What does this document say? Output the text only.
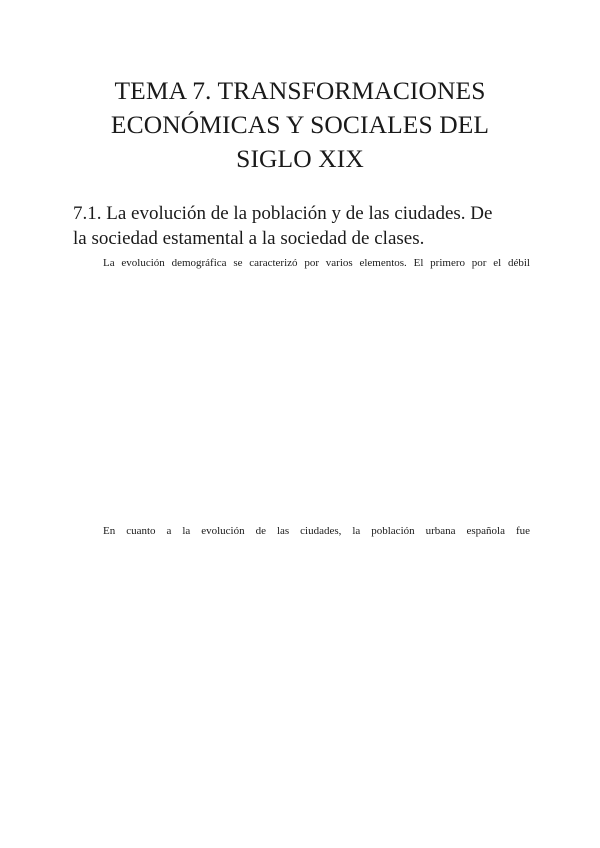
TEMA 7. TRANSFORMACIONES
ECONÓMICAS Y SOCIALES DEL
SIGLO XIX
7.1. La evolución de la población y de las ciudades. De
la sociedad estamental a la sociedad de clases.
La evolución demográfica se caracterizó por varios elementos. El primero por el débil
En cuanto a la evolución de las ciudades, la población urbana española fue
